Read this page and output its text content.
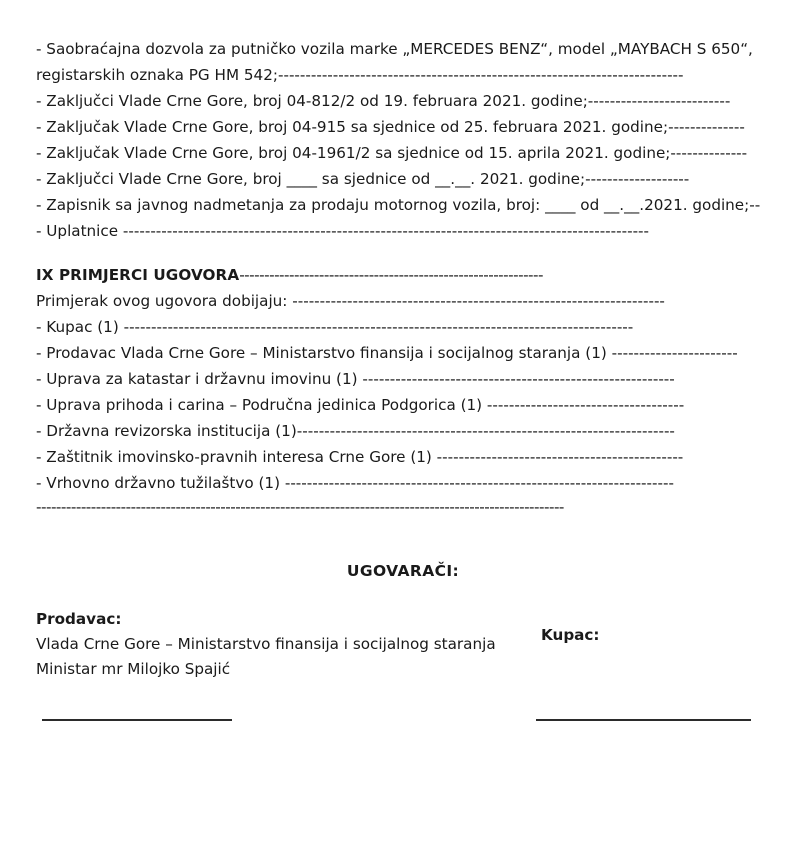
- Saobraćajna dozvola za putničko vozila marke „MERCEDES BENZ“, model „MAYBACH S 650“,
registarskih oznaka PG HM 542;--------------------------------------------------------------------------
- Zaključci Vlade Crne Gore, broj 04-812/2 od 19. februara 2021. godine;--------------------------
- Zaključak Vlade Crne Gore, broj 04-915 sa sjednice od 25. februara 2021. godine;--------------
- Zaključak Vlade Crne Gore, broj 04-1961/2 sa sjednice od 15. aprila 2021. godine;--------------
- Zaključci Vlade Crne Gore, broj ____ sa sjednice od __.__. 2021. godine;-------------------
- Zapisnik sa javnog nadmetanja za prodaju motornog vozila, broj: ____ od __.__.2021. godine;--
- Uplatnice ------------------------------------------------------------------------------------------------
IX PRIMJERCI UGOVORA-------------------------------------------------------------
Primjerak ovog ugovora dobijaju: --------------------------------------------------------------------
- Kupac (1) ---------------------------------------------------------------------------------------------
- Prodavac Vlada Crne Gore – Ministarstvo finansija i socijalnog staranja (1) -----------------------
- Uprava za katastar i državnu imovinu (1) ---------------------------------------------------------
- Uprava prihoda i carina – Područna jedinica Podgorica (1) ------------------------------------
- Državna revizorska institucija (1)---------------------------------------------------------------------
- Zaštitnik imovinsko-pravnih interesa Crne Gore (1) ---------------------------------------------
- Vrhovno državno tužilaštvo (1) -----------------------------------------------------------------------
----------------------------------------------------------------------------------------------------------
UGOVARAČI:
Prodavac:
Vlada Crne Gore – Ministarstvo finansija i socijalnog staranja
Ministar mr Milojko Spajić
Kupac:
